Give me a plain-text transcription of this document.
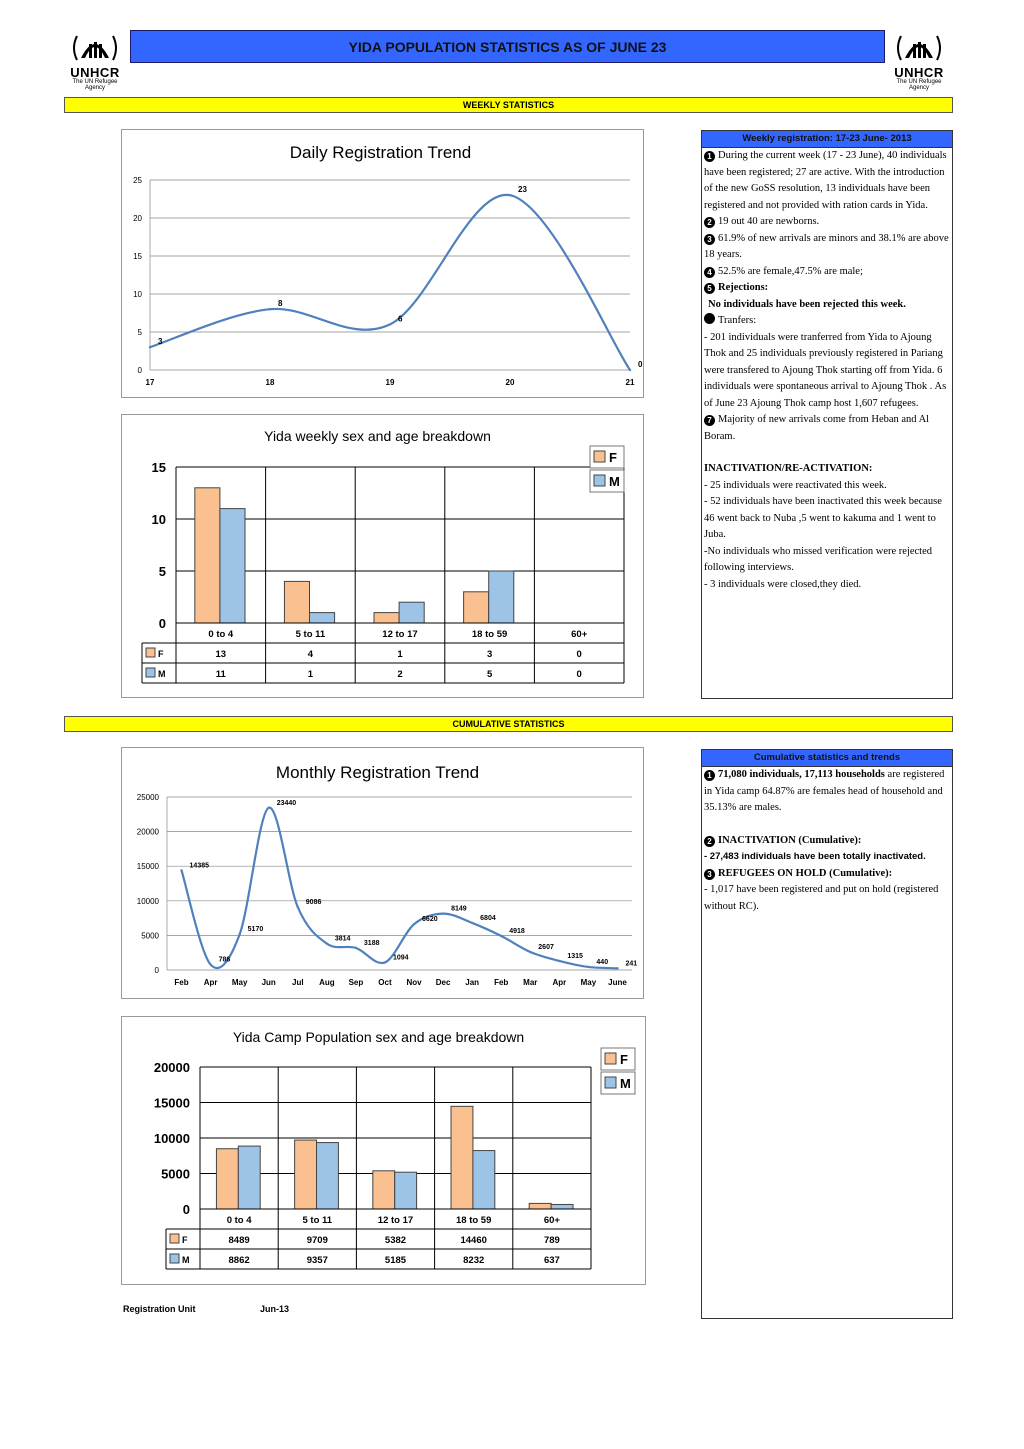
UNHCR
The UN Refugee Agency
UNHCR
The UN Refugee Agency
YIDA POPULATION STATISTICS AS OF JUNE 23
WEEKLY STATISTICS
Daily Registration Trend
0
5
10
15
20
25
17	18	19	20	21
3
8
6
23
0
Yida weekly sex and age breakdown
0
5
10
15
0 to 4	5 to 11	12 to 17	18 to 59	60+
F	13	4	1	3	0
M	11	1	2	5	0
F
M
Weekly registration: 17-23 June- 2013

1 During the current week (17 - 23 June), 40 individuals have been registered; 27 are active. With the introduction of the new GoSS resolution, 13 individuals have been registered and not provided with ration cards in Yida.

2 19 out 40 are newborns.

3 61.9% of new arrivals are minors and 38.1% are above 18 years.

4 52.5% are female,47.5% are male;

5 Rejections:

No individuals have been rejected this week.

Tranfers:

- 201 individuals were tranferred from Yida to Ajoung Thok and 25 individuals previously registered in Pariang were transfered to Ajoung Thok starting off from Yida. 6 individuals were spontaneous arrival to Ajoung Thok . As of June 23 Ajoung Thok camp host 1,607 refugees.

7 Majority of new arrivals come from Heban and Al Boram.

INACTIVATION/RE-ACTIVATION:

- 25 individuals were reactivated this week.

- 52 individuals have been inactivated this week because 46 went back to Nuba ,5 went to kakuma and 1 went to Juba.

-No individuals who missed verification were rejected following interviews.

- 3 individuals were closed,they died.

CUMULATIVE STATISTICS
Monthly Registration Trend
0
5000
10000
15000
20000
25000
Feb Apr May Jun Jul Aug Sep Oct Nov Dec Jan Feb Mar Apr May June
14385
786
5170
23440
9086
3814
3188
1094
6620
8149
6804
4918
2607
1315
440 241
Yida Camp Population sex and age breakdown
0
5000
10000
15000
20000
0 to 4	5 to 11	12 to 17	18 to 59	60+
F	8489	9709	5382	14460	789
M	8862	9357	5185	8232	637
F
M
Cumulative statistics and trends

1 71,080 individuals, 17,113 households are registered in Yida camp 64.87% are females head of household and 35.13% are males.

2 INACTIVATION (Cumulative):

- 27,483 individuals have been totally inactivated.

3 REFUGEES ON HOLD (Cumulative):

- 1,017 have been registered and put on hold (registered without RC).

Registration Unit	Jun-13
